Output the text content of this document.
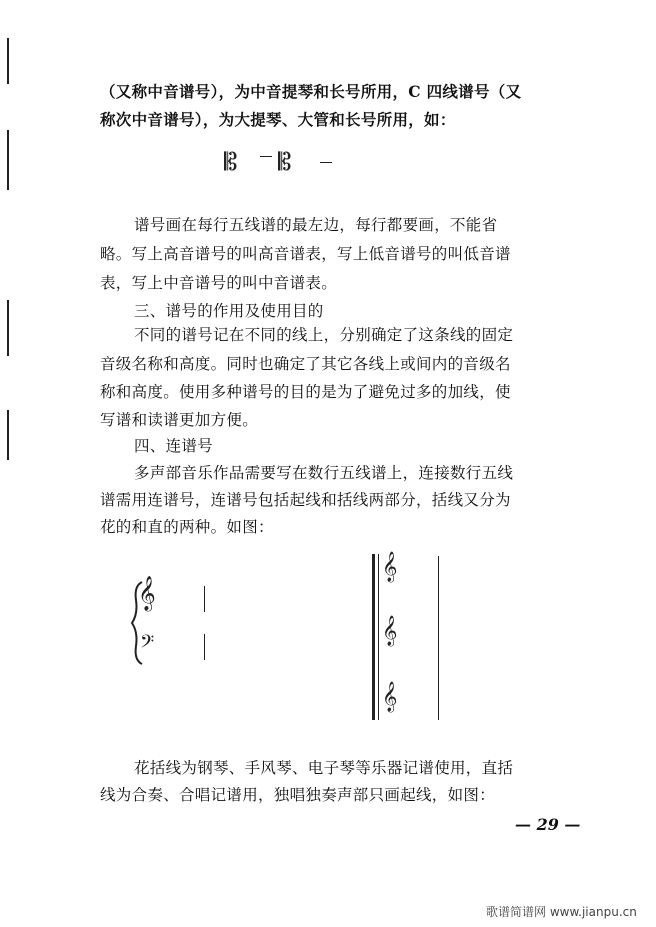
（又称中音谱号），为中音提琴和长号所用，C 四线谱号（又
称次中音谱号），为大提琴、大管和长号所用，如：
𝄡 𝄡
谱号画在每行五线谱的最左边，每行都要画，不能省
略。写上高音谱号的叫高音谱表，写上低音谱号的叫低音谱
表，写上中音谱号的叫中音谱表。
三、谱号的作用及使用目的
不同的谱号记在不同的线上，分别确定了这条线的固定
音级名称和高度。同时也确定了其它各线上或间内的音级名
称和高度。使用多种谱号的目的是为了避免过多的加线，使
写谱和读谱更加方便。
四、连谱号
多声部音乐作品需要写在数行五线谱上，连接数行五线
谱需用连谱号，连谱号包括起线和括线两部分，括线又分为
花的和直的两种。如图：
𝄞
𝄢
𝄞
𝄞
𝄞
花括线为钢琴、手风琴、电子琴等乐器记谱使用，直括
线为合奏、合唱记谱用，独唱独奏声部只画起线，如图：
— 29 —
歌谱简谱网 www.jianpu.cn
